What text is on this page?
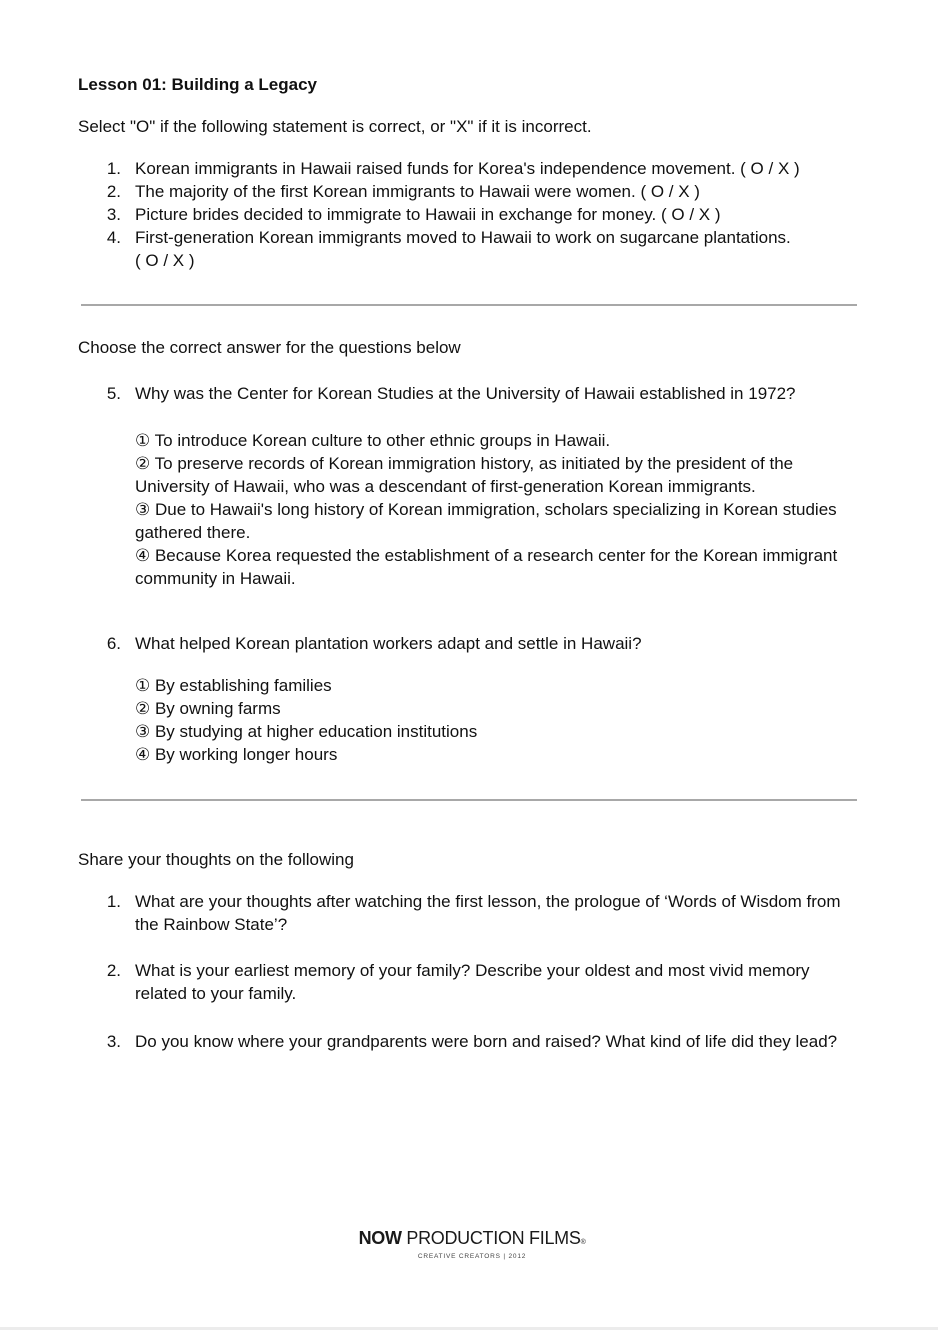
Lesson 01: Building a Legacy
Select "O" if the following statement is correct, or "X" if it is incorrect.
1. Korean immigrants in Hawaii raised funds for Korea's independence movement. ( O / X )
2. The majority of the first Korean immigrants to Hawaii were women. ( O / X )
3. Picture brides decided to immigrate to Hawaii in exchange for money. ( O / X )
4. First-generation Korean immigrants moved to Hawaii to work on sugarcane plantations.
( O / X )
Choose the correct answer for the questions below
5. Why was the Center for Korean Studies at the University of Hawaii established in 1972?
① To introduce Korean culture to other ethnic groups in Hawaii.
② To preserve records of Korean immigration history, as initiated by the president of the
University of Hawaii, who was a descendant of first-generation Korean immigrants.
③ Due to Hawaii's long history of Korean immigration, scholars specializing in Korean studies
gathered there.
④ Because Korea requested the establishment of a research center for the Korean immigrant
community in Hawaii.
6. What helped Korean plantation workers adapt and settle in Hawaii?
① By establishing families
② By owning farms
③ By studying at higher education institutions
④ By working longer hours
Share your thoughts on the following
1. What are your thoughts after watching the first lesson, the prologue of ‘Words of Wisdom from
the Rainbow State’?
2. What is your earliest memory of your family? Describe your oldest and most vivid memory
related to your family.
3. Do you know where your grandparents were born and raised? What kind of life did they lead?
NOW PRODUCTION FILMS®
CREATIVE CREATORS | 2012
